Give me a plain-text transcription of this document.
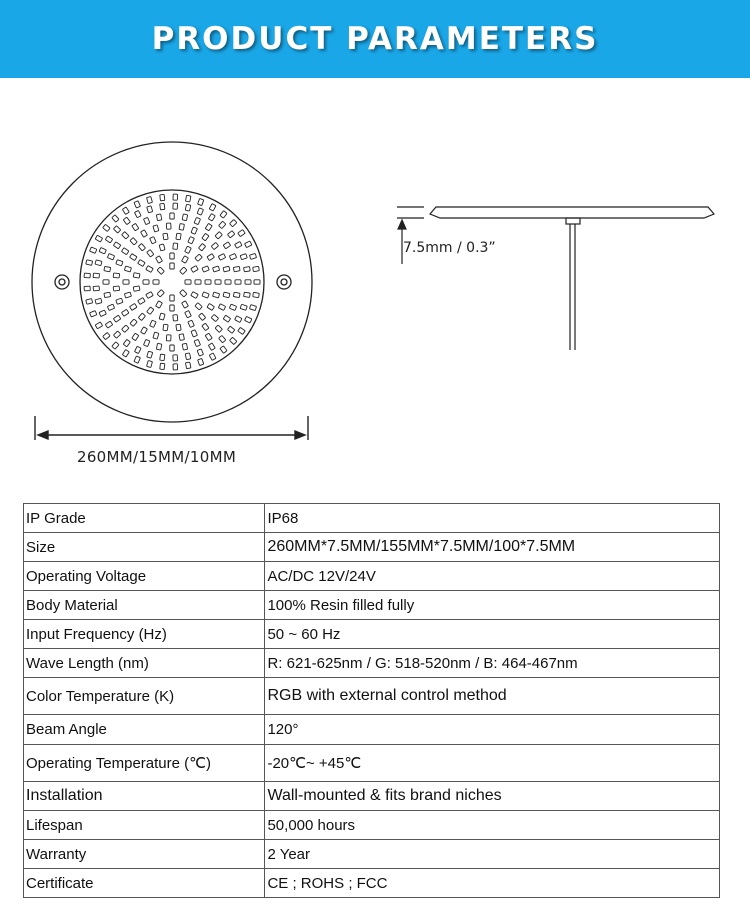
PRODUCT PARAMETERS
260MM/15MM/10MM
7.5mm / 0.3”
IP Grade	IP68
Size	260MM*7.5MM/155MM*7.5MM/100*7.5MM
Operating Voltage	AC/DC 12V/24V
Body Material	100% Resin filled fully
Input Frequency (Hz)	50 ~ 60 Hz
Wave Length (nm)	R: 621-625nm / G: 518-520nm / B: 464-467nm
Color Temperature (K)	RGB with external control method
Beam Angle	120°
Operating Temperature (℃)	-20℃~ +45℃
Installation	Wall-mounted & fits brand niches
Lifespan	50,000 hours
Warranty	2 Year
Certificate	CE ; ROHS ; FCC
